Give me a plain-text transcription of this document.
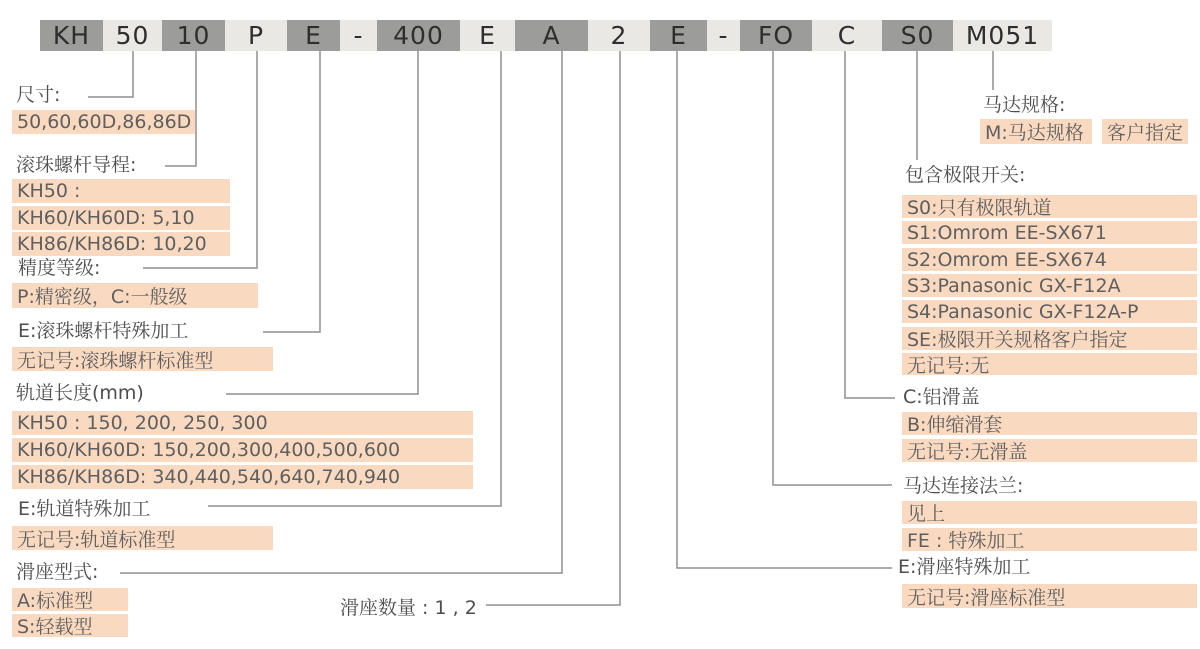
KH	50	10	P	E	-	400	E	A	2	E	-	FO	C	S0	M051
尺寸:
50,60,60D,86,86D
滚珠螺杆导程:
KH50 :
KH60/KH60D: 5,10
KH86/KH86D: 10,20
精度等级:
P:精密级，C:一般级
E:滚珠螺杆特殊加工
无记号:滚珠螺杆标准型
轨道长度(mm)
KH50 : 150, 200, 250, 300
KH60/KH60D: 150,200,300,400,500,600
KH86/KH86D: 340,440,540,640,740,940
E:轨道特殊加工
无记号:轨道标准型
滑座型式:
A:标准型
S:轻载型
滑座数量 : 1 , 2
马达规格:
M:马达规格	客户指定
包含极限开关:
S0:只有极限轨道
S1:Omrom EE-SX671
S2:Omrom EE-SX674
S3:Panasonic GX-F12A
S4:Panasonic GX-F12A-P
SE:极限开关规格客户指定
无记号:无
C:铝滑盖
B:伸缩滑套
无记号:无滑盖
马达连接法兰:
见上
FE : 特殊加工
E:滑座特殊加工
无记号:滑座标准型
